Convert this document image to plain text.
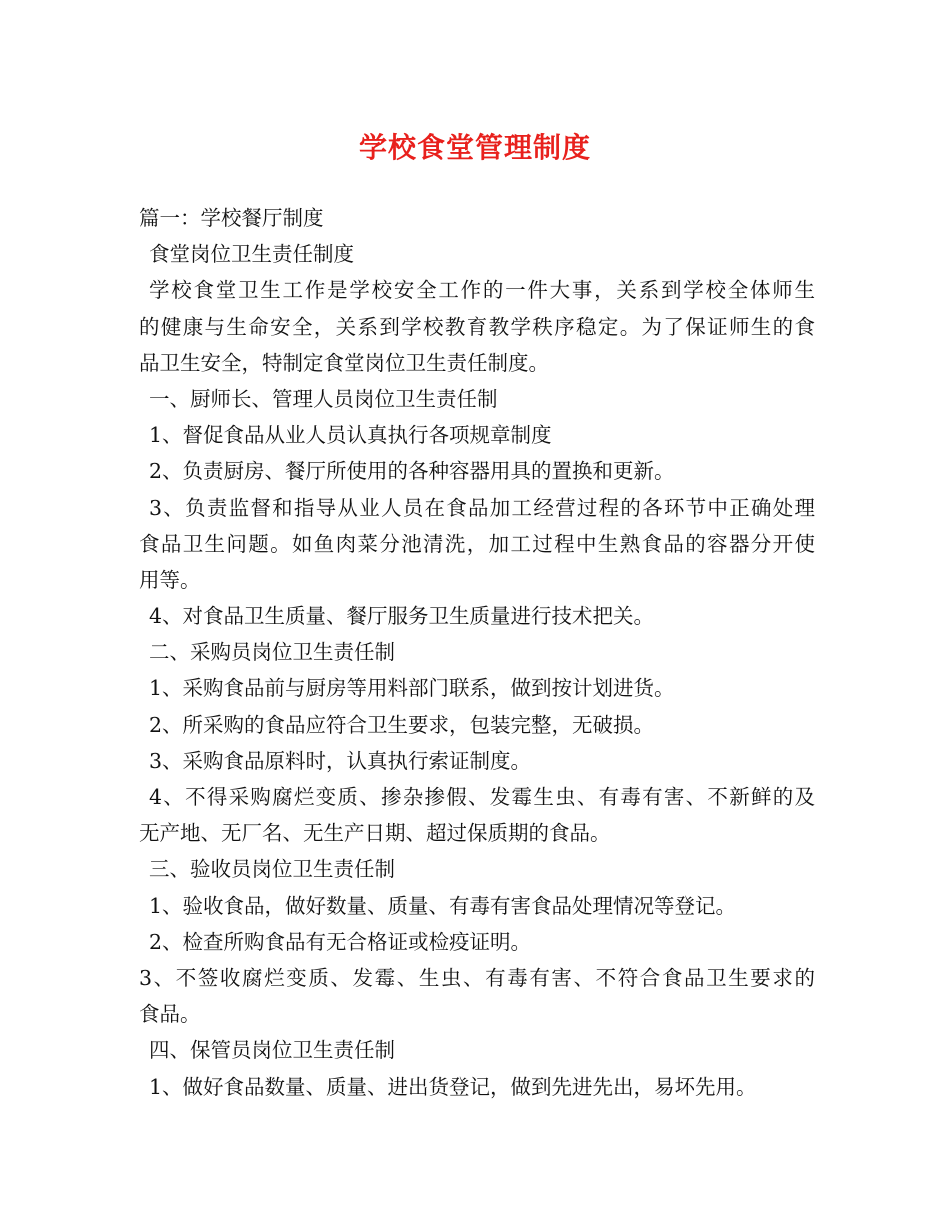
学校食堂管理制度
篇一：学校餐厅制度
食堂岗位卫生责任制度
学校食堂卫生工作是学校安全工作的一件大事，关系到学校全体师生
的健康与生命安全，关系到学校教育教学秩序稳定。为了保证师生的食
品卫生安全，特制定食堂岗位卫生责任制度。
一、厨师长、管理人员岗位卫生责任制
1、督促食品从业人员认真执行各项规章制度
2、负责厨房、餐厅所使用的各种容器用具的置换和更新。
3、负责监督和指导从业人员在食品加工经营过程的各环节中正确处理
食品卫生问题。如鱼肉菜分池清洗，加工过程中生熟食品的容器分开使
用等。
4、对食品卫生质量、餐厅服务卫生质量进行技术把关。
二、采购员岗位卫生责任制
1、采购食品前与厨房等用料部门联系，做到按计划进货。
2、所采购的食品应符合卫生要求，包装完整，无破损。
3、采购食品原料时，认真执行索证制度。
4、不得采购腐烂变质、掺杂掺假、发霉生虫、有毒有害、不新鲜的及
无产地、无厂名、无生产日期、超过保质期的食品。
三、验收员岗位卫生责任制
1、验收食品，做好数量、质量、有毒有害食品处理情况等登记。
2、检查所购食品有无合格证或检疫证明。
3、不签收腐烂变质、发霉、生虫、有毒有害、不符合食品卫生要求的
食品。
四、保管员岗位卫生责任制
1、做好食品数量、质量、进出货登记，做到先进先出，易坏先用。
